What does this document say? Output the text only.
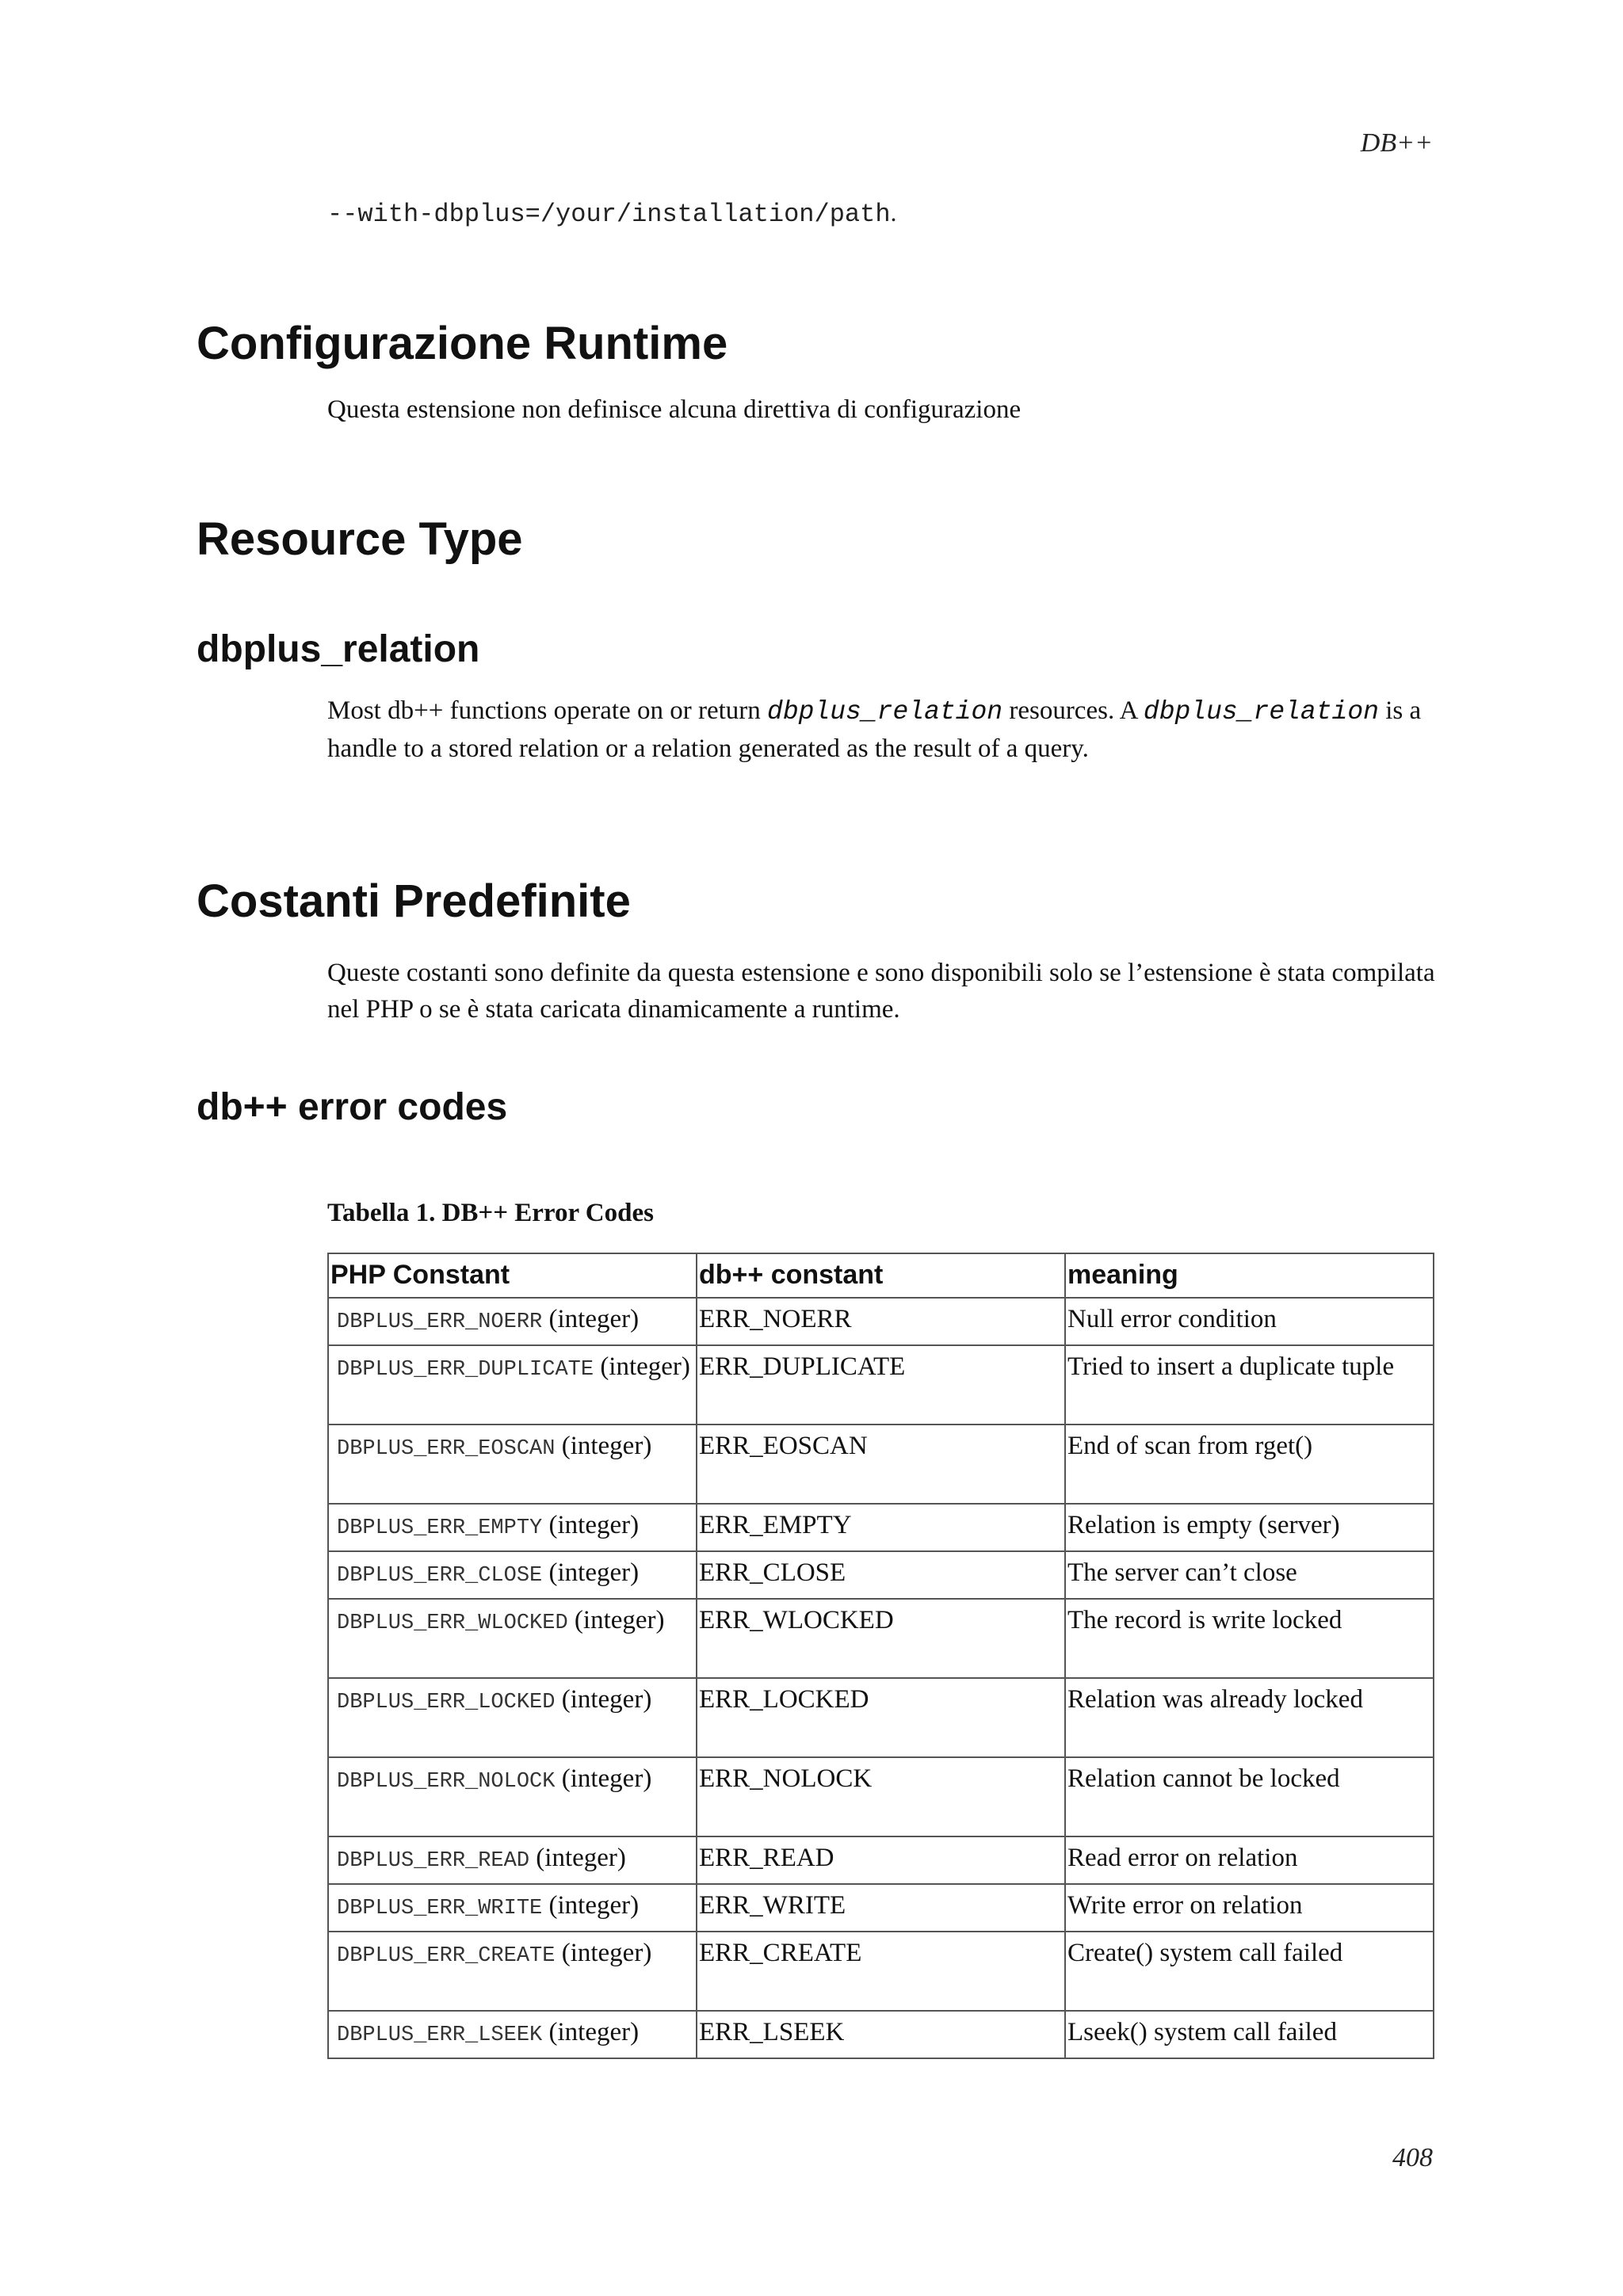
DB++
--with-dbplus=/your/installation/path.
Configurazione Runtime

Questa estensione non definisce alcuna direttiva di configurazione

Resource Type
dbplus_relation

Most db++ functions operate on or return dbplus_relation resources. A dbplus_relation is a handle to a stored relation or a relation generated as the result of a query.

Costanti Predefinite

Queste costanti sono definite da questa estensione e sono disponibili solo se l’estensione è stata compilata nel PHP o se è stata caricata dinamicamente a runtime.

db++ error codes

Tabella 1. DB++ Error Codes

PHP Constant	db++ constant	meaning
DBPLUS_ERR_NOERR (integer)	ERR_NOERR	Null error condition
DBPLUS_ERR_DUPLICATE (integer)	ERR_DUPLICATE	Tried to insert a duplicate tuple
DBPLUS_ERR_EOSCAN (integer)	ERR_EOSCAN	End of scan from rget()
DBPLUS_ERR_EMPTY (integer)	ERR_EMPTY	Relation is empty (server)
DBPLUS_ERR_CLOSE (integer)	ERR_CLOSE	The server can’t close
DBPLUS_ERR_WLOCKED (integer)	ERR_WLOCKED	The record is write locked
DBPLUS_ERR_LOCKED (integer)	ERR_LOCKED	Relation was already locked
DBPLUS_ERR_NOLOCK (integer)	ERR_NOLOCK	Relation cannot be locked
DBPLUS_ERR_READ (integer)	ERR_READ	Read error on relation
DBPLUS_ERR_WRITE (integer)	ERR_WRITE	Write error on relation
DBPLUS_ERR_CREATE (integer)	ERR_CREATE	Create() system call failed
DBPLUS_ERR_LSEEK (integer)	ERR_LSEEK	Lseek() system call failed
408
